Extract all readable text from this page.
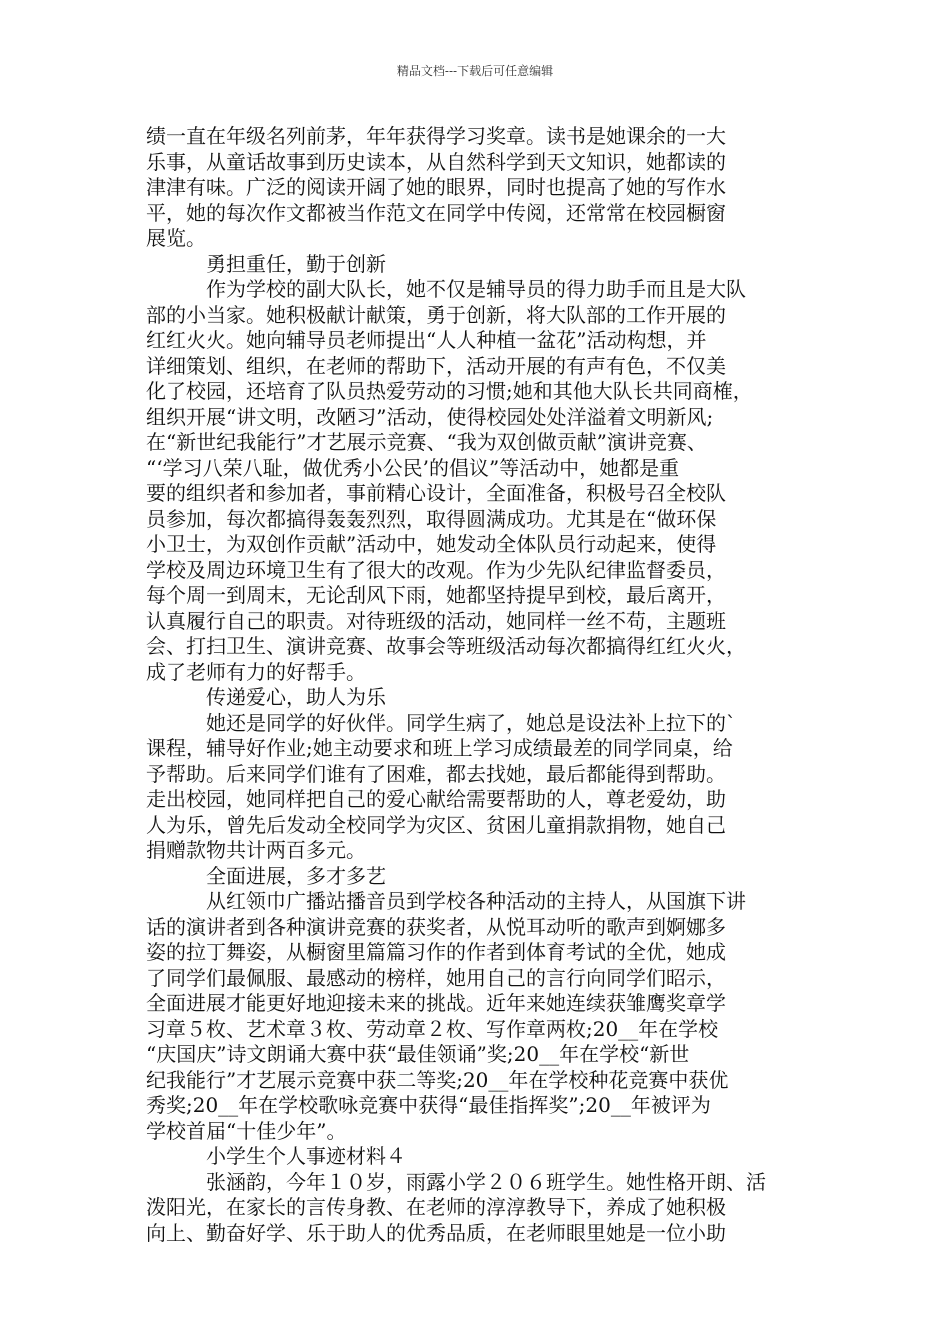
精品文档---下载后可任意编辑
绩一直在年级名列前茅，年年获得学习奖章。读书是她课余的一大
乐事，从童话故事到历史读本，从自然科学到天文知识，她都读的
津津有味。广泛的阅读开阔了她的眼界，同时也提高了她的写作水
平，她的每次作文都被当作范文在同学中传阅，还常常在校园橱窗
展览。
　　　勇担重任，勤于创新
　　　作为学校的副大队长，她不仅是辅导员的得力助手而且是大队
部的小当家。她积极献计献策，勇于创新，将大队部的工作开展的
红红火火。她向辅导员老师提出“人人种植一盆花”活动构想，并
详细策划、组织，在老师的帮助下，活动开展的有声有色，不仅美
化了校园，还培育了队员热爱劳动的习惯;她和其他大队长共同商榷，
组织开展“讲文明，改陋习”活动，使得校园处处洋溢着文明新风;
在“新世纪我能行”才艺展示竞赛、“我为双创做贡献”演讲竞赛、
“‘学习八荣八耻，做优秀小公民’的倡议”等活动中，她都是重
要的组织者和参加者，事前精心设计，全面准备，积极号召全校队
员参加，每次都搞得轰轰烈烈，取得圆满成功。尤其是在“做环保
小卫士，为双创作贡献”活动中，她发动全体队员行动起来，使得
学校及周边环境卫生有了很大的改观。作为少先队纪律监督委员，
每个周一到周末，无论刮风下雨，她都坚持提早到校，最后离开，
认真履行自己的职责。对待班级的活动，她同样一丝不苟，主题班
会、打扫卫生、演讲竞赛、故事会等班级活动每次都搞得红红火火，
成了老师有力的好帮手。
　　　传递爱心，助人为乐
　　　她还是同学的好伙伴。同学生病了，她总是设法补上拉下的`
课程，辅导好作业;她主动要求和班上学习成绩最差的同学同桌，给
予帮助。后来同学们谁有了困难，都去找她，最后都能得到帮助。
走出校园，她同样把自己的爱心献给需要帮助的人，尊老爱幼，助
人为乐，曾先后发动全校同学为灾区、贫困儿童捐款捐物，她自己
捐赠款物共计两百多元。
　　　全面进展，多才多艺
　　　从红领巾广播站播音员到学校各种活动的主持人，从国旗下讲
话的演讲者到各种演讲竞赛的获奖者，从悦耳动听的歌声到婀娜多
姿的拉丁舞姿，从橱窗里篇篇习作的作者到体育考试的全优，她成
了同学们最佩服、最感动的榜样，她用自己的言行向同学们昭示，
全面进展才能更好地迎接未来的挑战。近年来她连续获雏鹰奖章学
习章５枚、艺术章３枚、劳动章２枚、写作章两枚;20__年在学校
“庆国庆”诗文朗诵大赛中获“最佳领诵”奖;20__年在学校“新世
纪我能行”才艺展示竞赛中获二等奖;20__年在学校种花竞赛中获优
秀奖;20__年在学校歌咏竞赛中获得“最佳指挥奖”;20__年被评为
学校首届“十佳少年”。
　　　小学生个人事迹材料４
　　　张涵韵，今年１０岁，雨露小学２０６班学生。她性格开朗、活
泼阳光，在家长的言传身教、在老师的淳淳教导下，养成了她积极
向上、勤奋好学、乐于助人的优秀品质，在老师眼里她是一位小助
